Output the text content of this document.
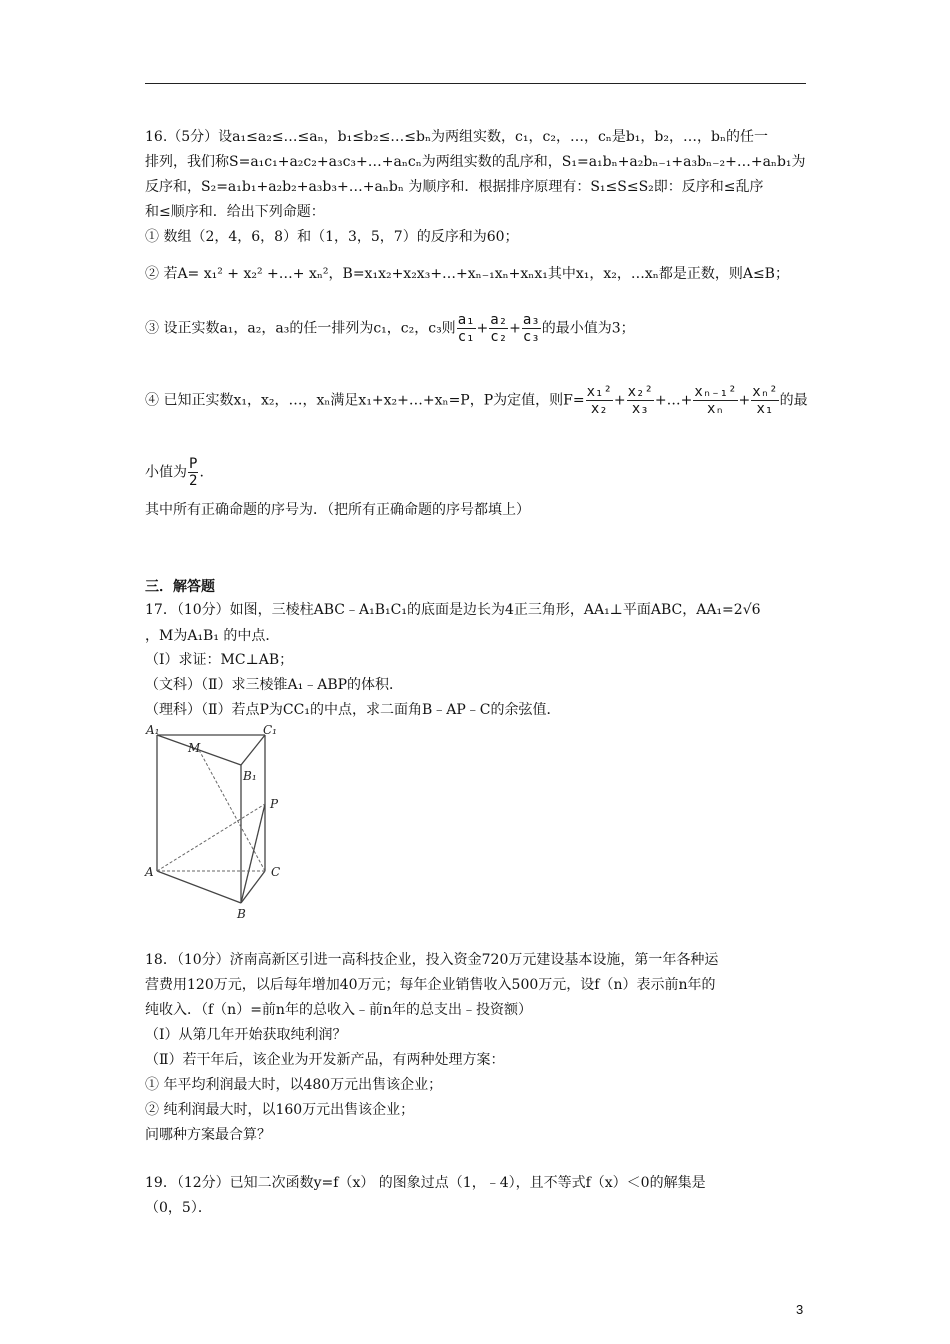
16.（5分）设a₁≤a₂≤…≤aₙ，b₁≤b₂≤…≤bₙ为两组实数，c₁，c₂，…，cₙ是b₁，b₂，…，bₙ的任一
排列，我们称S=a₁c₁+a₂c₂+a₃c₃+…+aₙcₙ为两组实数的乱序和，S₁=a₁bₙ+a₂bₙ₋₁+a₃bₙ₋₂+…+aₙb₁为
反序和，S₂=a₁b₁+a₂b₂+a₃b₃+…+aₙbₙ 为顺序和．根据排序原理有：S₁≤S≤S₂即：反序和≤乱序
和≤顺序和．给出下列命题：
① 数组（2，4，6，8）和（1，3，5，7）的反序和为60；
② 若A= x₁² + x₂² +…+ xₙ²，B=x₁x₂+x₂x₃+…+xₙ₋₁xₙ+xₙx₁其中x₁，x₂，…xₙ都是正数，则A≤B；
③ 设正实数a₁，a₂，a₃的任一排列为c₁，c₂，c₃则 $\frac{\text{a₁}}{\text{c₁}} + \frac{\text{a₂}}{\text{c₂}} + \frac{\text{a₃}}{\text{c₃}}$ 的最小值为3；
④ 已知正实数x₁，x₂，…，xₙ满足x₁+x₂+…+xₙ=P，P为定值，则$F= \frac{\text{x₁²}}{\text{x₂}} + \frac{\text{x₂²}}{\text{x₃}}$ +…+ $\frac{\text{xₙ₋₁²}}{\text{xₙ}} + \frac{\text{xₙ²}}{\text{x₁}}$ 的最
小值为 $\frac{P}{2}$ .
其中所有正确命题的序号为．（把所有正确命题的序号都填上）
三．解答题
17．（10分）如图，三棱柱ABC﹣A₁B₁C₁的底面是边长为4正三角形，AA₁⊥平面ABC，AA₁=2√6
，M为A₁B₁ 的中点．
（Ⅰ）求证：MC⊥AB；
（文科）（Ⅱ）求三棱锥A₁﹣ABP的体积．
（理科）（Ⅱ）若点P为CC₁的中点，求二面角B﹣AP﹣C的余弦值．
A₁	C₁
M
B₁
P
A	C
B
18．（10分）济南高新区引进一高科技企业，投入资金720万元建设基本设施，第一年各种运
营费用120万元，以后每年增加40万元；每年企业销售收入500万元，设f（n）表示前n年的
纯收入．（f（n）=前n年的总收入﹣前n年的总支出﹣投资额）
（Ⅰ）从第几年开始获取纯利润？
（Ⅱ）若干年后，该企业为开发新产品，有两种处理方案：
① 年平均利润最大时，以480万元出售该企业；
② 纯利润最大时，以160万元出售该企业；
问哪种方案最合算？
19．（12分）已知二次函数y=f（x） 的图象过点（1，﹣4），且不等式f（x）＜0的解集是
（0，5）．
3
